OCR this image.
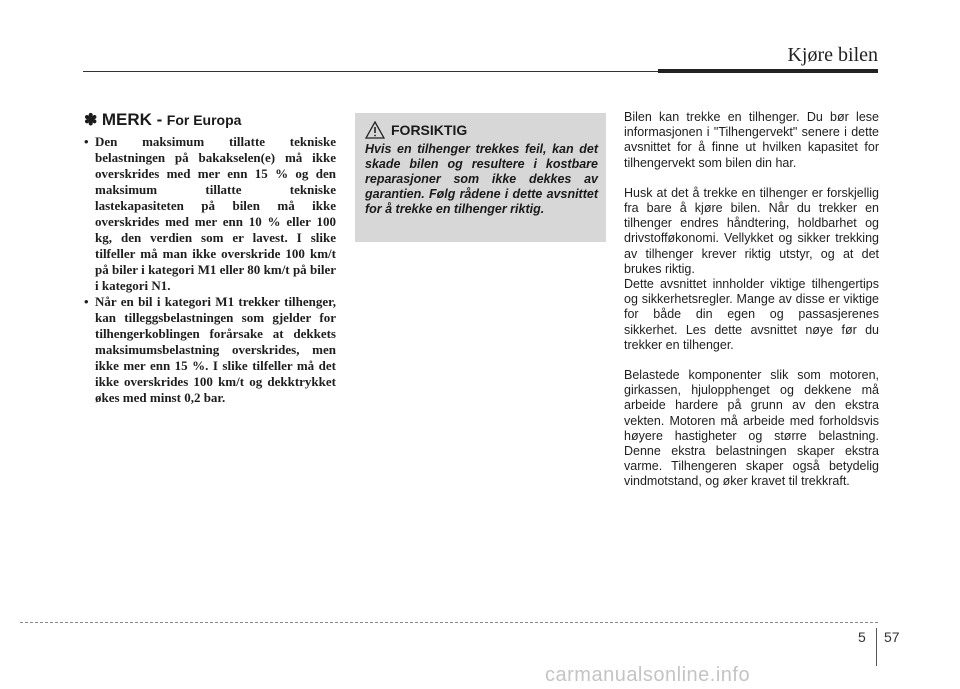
Kjøre bilen
✽ MERK - For Europa
• Den maksimum tillatte tekniske belastningen på bakakselen(e) må ikke overskrides med mer enn 15 % og den maksimum tillatte tekniske lastekapasiteten på bilen må ikke overskrides med mer enn 10 % eller 100 kg, den verdien som er lavest. I slike tilfeller må man ikke overskride 100 km/t på biler i kategori M1 eller 80 km/t på biler i kategori N1.
• Når en bil i kategori M1 trekker tilhenger, kan tilleggsbelastningen som gjelder for tilhengerkoblingen forårsake at dekkets maksimumsbelastning overskrides, men ikke mer enn 15 %. I slike tilfeller må det ikke overskrides 100 km/t og dekktrykket økes med minst 0,2 bar.
FORSIKTIG

Hvis en tilhenger trekkes feil, kan det skade bilen og resultere i kostbare reparasjoner som ikke dekkes av garantien. Følg rådene i dette avsnittet for å trekke en tilhenger riktig.

Bilen kan trekke en tilhenger. Du bør lese informasjonen i "Tilhengervekt" senere i dette avsnittet for å finne ut hvilken kapasitet for tilhengervekt som bilen din har.

Husk at det å trekke en tilhenger er forskjellig fra bare å kjøre bilen. Når du trekker en tilhenger endres håndtering, holdbarhet og drivstofføkonomi. Vellykket og sikker trekking av tilhenger krever riktig utstyr, og at det brukes riktig.

Dette avsnittet innholder viktige tilhengertips og sikkerhetsregler. Mange av disse er viktige for både din egen og passasjerenes sikkerhet. Les dette avsnittet nøye før du trekker en tilhenger.

Belastede komponenter slik som motoren, girkassen, hjulopphenget og dekkene må arbeide hardere på grunn av den ekstra vekten. Motoren må arbeide med forholdsvis høyere hastigheter og større belastning. Denne ekstra belastningen skaper ekstra varme. Tilhengeren skaper også betydelig vindmotstand, og øker kravet til trekkraft.

5 57
carmanualsonline.info
